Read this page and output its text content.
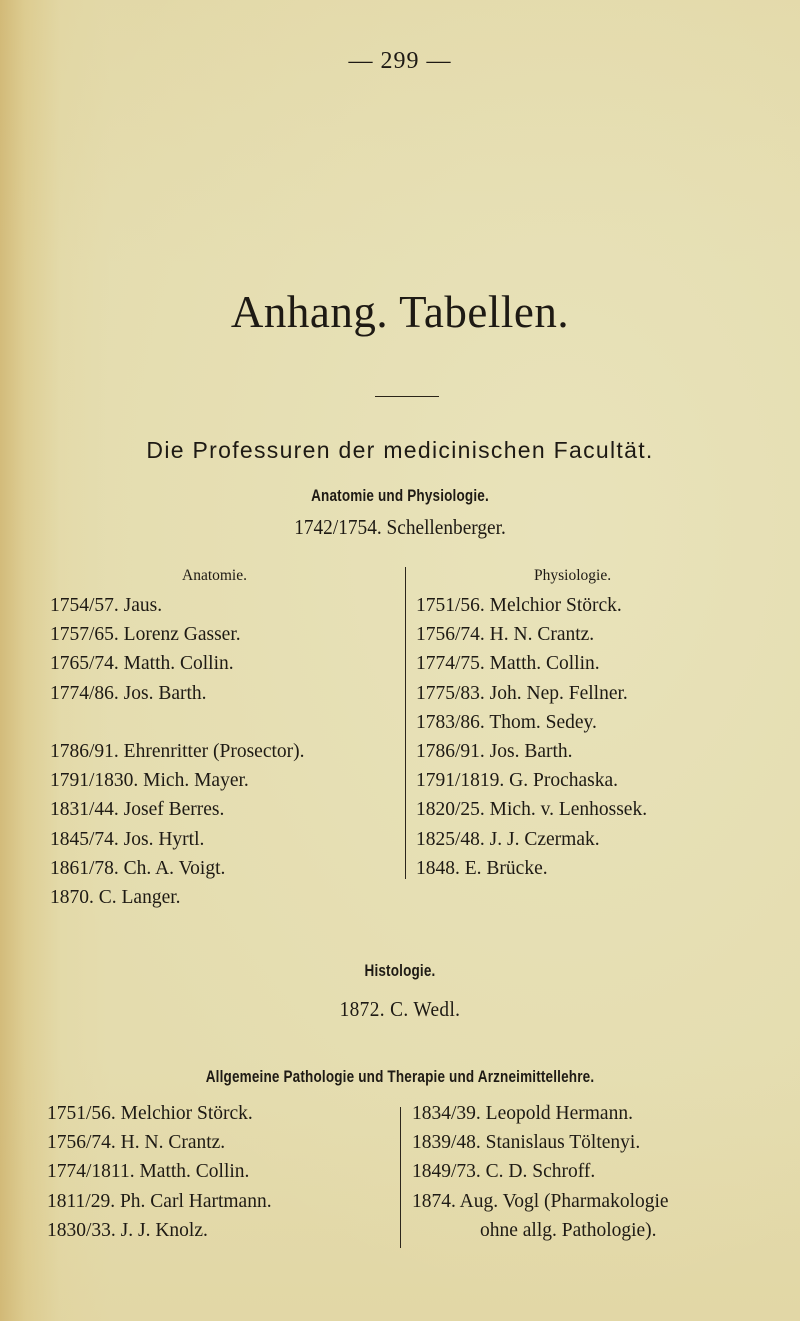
— 299 —
Anhang. Tabellen.
Die Professuren der medicinischen Facultät.
Anatomie und Physiologie.
1742/1754. Schellenberger.
Anatomie.
1754/57. Jaus.
1757/65. Lorenz Gasser.
1765/74. Matth. Collin.
1774/86. Jos. Barth.
1786/91. Ehrenritter (Prosector).
1791/1830. Mich. Mayer.
1831/44. Josef Berres.
1845/74. Jos. Hyrtl.
1861/78. Ch. A. Voigt.
1870. C. Langer.
Physiologie.
1751/56. Melchior Störck.
1756/74. H. N. Crantz.
1774/75. Matth. Collin.
1775/83. Joh. Nep. Fellner.
1783/86. Thom. Sedey.
1786/91. Jos. Barth.
1791/1819. G. Prochaska.
1820/25. Mich. v. Lenhossek.
1825/48. J. J. Czermak.
1848. E. Brücke.
Histologie.
1872. C. Wedl.
Allgemeine Pathologie und Therapie und Arzneimittellehre.
1751/56. Melchior Störck.
1756/74. H. N. Crantz.
1774/1811. Matth. Collin.
1811/29. Ph. Carl Hartmann.
1830/33. J. J. Knolz.
1834/39. Leopold Hermann.
1839/48. Stanislaus Töltenyi.
1849/73. C. D. Schroff.
1874. Aug. Vogl (Pharmakologie
ohne allg. Pathologie).
